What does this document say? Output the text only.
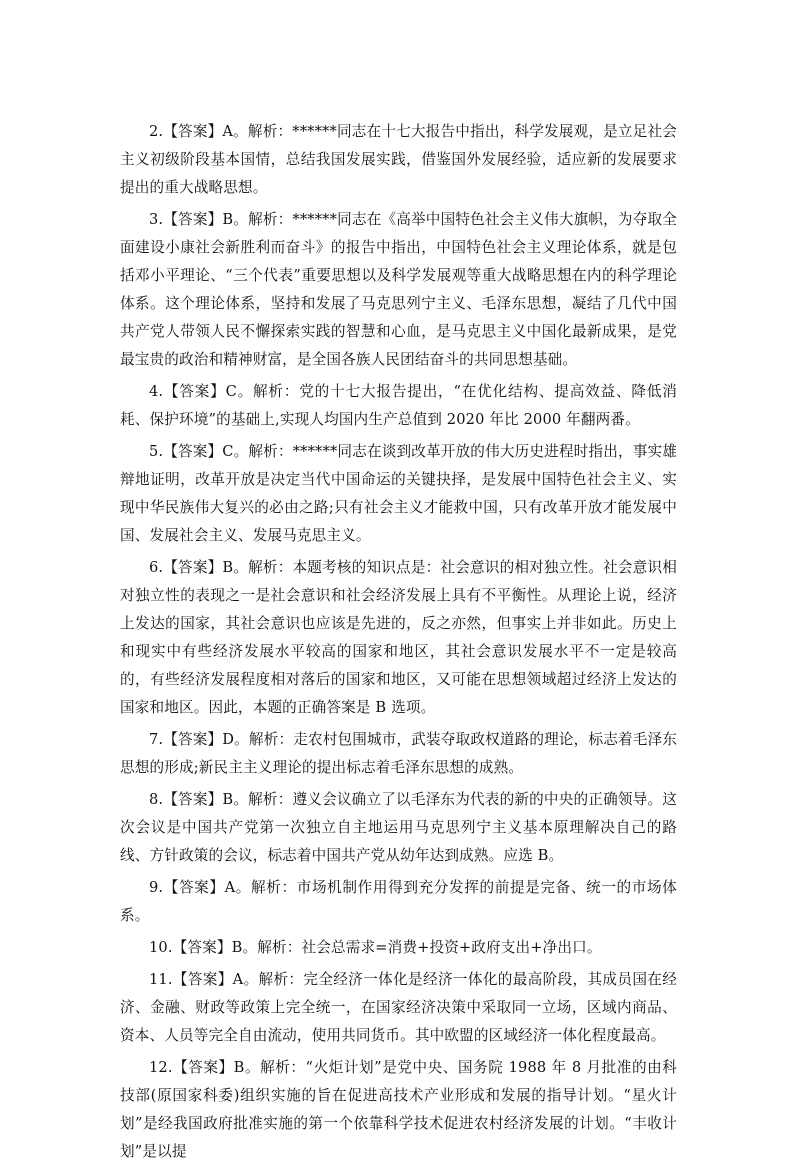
2.【答案】A。解析：******同志在十七大报告中指出，科学发展观，是立足社会主义初级阶段基本国情，总结我国发展实践，借鉴国外发展经验，适应新的发展要求提出的重大战略思想。

3.【答案】B。解析：******同志在《高举中国特色社会主义伟大旗帜，为夺取全面建设小康社会新胜利而奋斗》的报告中指出，中国特色社会主义理论体系，就是包括邓小平理论、“三个代表”重要思想以及科学发展观等重大战略思想在内的科学理论体系。这个理论体系，坚持和发展了马克思列宁主义、毛泽东思想，凝结了几代中国共产党人带领人民不懈探索实践的智慧和心血，是马克思主义中国化最新成果，是党最宝贵的政治和精神财富，是全国各族人民团结奋斗的共同思想基础。

4.【答案】C。解析：党的十七大报告提出，“在优化结构、提高效益、降低消耗、保护环境”的基础上,实现人均国内生产总值到 2020 年比 2000 年翻两番。

5.【答案】C。解析：******同志在谈到改革开放的伟大历史进程时指出，事实雄辩地证明，改革开放是决定当代中国命运的关键抉择，是发展中国特色社会主义、实现中华民族伟大复兴的必由之路;只有社会主义才能救中国，只有改革开放才能发展中国、发展社会主义、发展马克思主义。

6.【答案】B。解析：本题考核的知识点是：社会意识的相对独立性。社会意识相对独立性的表现之一是社会意识和社会经济发展上具有不平衡性。从理论上说，经济上发达的国家，其社会意识也应该是先进的，反之亦然，但事实上并非如此。历史上和现实中有些经济发展水平较高的国家和地区，其社会意识发展水平不一定是较高的，有些经济发展程度相对落后的国家和地区，又可能在思想领域超过经济上发达的国家和地区。因此，本题的正确答案是 B 选项。

7.【答案】D。解析：走农村包围城市，武装夺取政权道路的理论，标志着毛泽东思想的形成;新民主主义理论的提出标志着毛泽东思想的成熟。

8.【答案】B。解析：遵义会议确立了以毛泽东为代表的新的中央的正确领导。这次会议是中国共产党第一次独立自主地运用马克思列宁主义基本原理解决自己的路线、方针政策的会议，标志着中国共产党从幼年达到成熟。应选 B。

9.【答案】A。解析：市场机制作用得到充分发挥的前提是完备、统一的市场体系。

10.【答案】B。解析：社会总需求=消费+投资+政府支出+净出口。

11.【答案】A。解析：完全经济一体化是经济一体化的最高阶段，其成员国在经济、金融、财政等政策上完全统一，在国家经济决策中采取同一立场，区域内商品、资本、人员等完全自由流动，使用共同货币。其中欧盟的区域经济一体化程度最高。

12.【答案】B。解析：“火炬计划”是党中央、国务院 1988 年 8 月批准的由科技部(原国家科委)组织实施的旨在促进高技术产业形成和发展的指导计划。“星火计划”是经我国政府批准实施的第一个依靠科学技术促进农村经济发展的计划。“丰收计划”是以提
